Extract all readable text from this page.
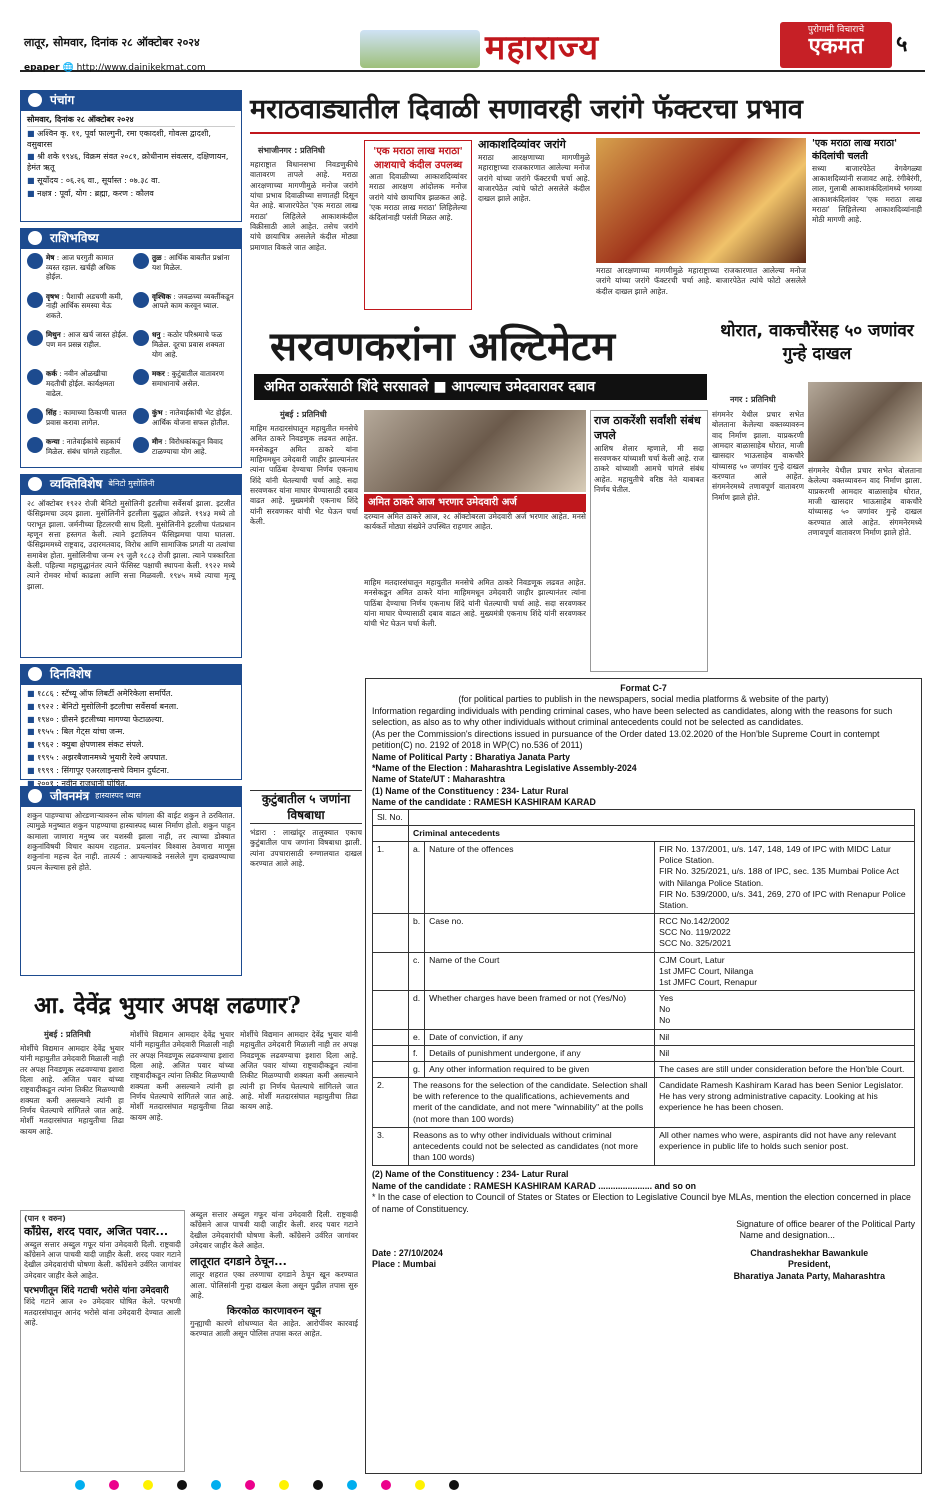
लातूर, सोमवार, दिनांक २८ ऑक्टोबर २०२४
epaper 🌐 http://www.dainikekmat.com	महाराज्य	पुरोगामी विचाराचे
एकमत	५
पंचांग

सोमवार, दिनांक २८ ऑक्टोबर २०२४

■ अश्विन कृ. ११, पूर्वा फाल्गुनी, रमा एकादशी, गोवत्स द्वादशी, वसुबारस
■ श्री शके १९४६, विक्रम संवत २०८१, क्रोधीनाम संवत्सर, दक्षिणायन, हेमंत ऋतू
■ सूर्योदय : ०६.२६ वा., सूर्यास्त : ०७.३८ वा.
■ नक्षत्र : पूर्वा, योग : ब्रह्मा, करण : कौलव
राशिभविष्य
मेष : आज घरगुती कामात व्यस्त रहाल. खर्चही अधिक होईल.
तुळ : आर्थिक बाबतीत प्रश्नांना यश मिळेल.
वृषभ : पैशाची अडचणी कमी, नाही आर्थिक समस्या येऊ शकते.
वृश्चिक : जवळच्या व्यक्तींकडून आपले काम करवून घ्याल.
मिथुन : आज खर्च जास्त होईल. पण मन प्रसन्न राहील.
धनु : कठोर परिश्रमाचे फळ मिळेल. दूरचा प्रवास शक्यता योग आहे.
कर्क : नवीन ओळखीचा मदतीची होईल. कार्यक्षमता वाढेल.
मकर : कुटुंबातील वातावरण समाधानाचे असेल.
सिंह : कामाच्या ठिकाणी चालत प्रवास करावा लागेल.
कुंभ : नातेवाईकांची भेट होईल. आर्थिक योजना सफल होतील.
कन्या : नातेवाईकांचे सहकार्य मिळेल. संबंध चांगले राहतील.
मीन : विरोधकांकडून विवाद टाळण्याचा योग आहे.
व्यक्तिविशेष बेनिटो मुसोलिनी
२८ ऑक्टोबर १९२२ रोजी बेनिटो मुसोलिनी इटलीचा सर्वेसर्वा झाला. इटलीत फॅसिझमचा उदय झाला. मुसोलिनीने इटलीला युद्धात ओढले. १९४३ मध्ये तो पराभूत झाला. जर्मनीच्या हिटलरची साथ दिली. मुसोलिनीने इटलीचा पंतप्रधान म्हणून सत्ता हस्तगत केली. त्याने इटालियन फॅसिझमचा पाया घातला. फॅसिझममध्ये राष्ट्रवाद, उदारमतवाद, विरोध आणि सामाजिक प्रगती या तत्वांचा समावेश होता. मुसोलिनीचा जन्म २९ जुलै १८८३ रोजी झाला. त्याने पत्रकारिता केली. पहिल्या महायुद्धानंतर त्याने फॅसिस्ट पक्षाची स्थापना केली. १९२२ मध्ये त्याने रोमवर मोर्चा काढला आणि सत्ता मिळवली. १९४५ मध्ये त्याचा मृत्यू झाला.
दिनविशेष
■ १८८६ : स्टॅच्यू ऑफ लिबर्टी अमेरिकेला समर्पित.
■ १९२२ : बेनिटो मुसोलिनी इटलीचा सर्वेसर्वा बनला.
■ १९४० : ग्रीसने इटलीच्या मागण्या फेटाळल्या.
■ १९५५ : बिल गेट्स यांचा जन्म.
■ १९६२ : क्युबा क्षेपणास्त्र संकट संपले.
■ १९९५ : अझरबैजानमध्ये भुयारी रेल्वे अपघात.
■ १९९९ : सिंगापूर एअरलाइन्सचे विमान दुर्घटना.
■ २००१ : नवीन राजधानी घोषित.
जीवनमंत्र हास्यास्पद ध्यास
शकुन पाहण्याचा ओरडणाऱ्यावरुन लोक चांगला की वाईट शकुन ते ठरवितात. त्यामुळे मनुष्यात शकुन पाहण्याचा हास्यास्पद ध्यास निर्माण होतो. शकुन पाहून कामाला जाणारा मनुष्य जर यशस्वी झाला नाही, तर त्याच्या डोक्यात शकुनांविषयी विचार कायम राहतात. प्रयत्नांवर विश्वास ठेवणारा माणूस शकुनांना महत्त्व देत नाही. तात्पर्य : आपल्याकडे नसलेले गुण दाखवण्याचा प्रयत्न केल्यास हसे होते.
मराठवाड्यातील दिवाळी सणावरही जरांगे फॅक्टरचा प्रभाव
संभाजीनगर : प्रतिनिधी
महाराष्ट्रात विधानसभा निवडणुकीचे वातावरण तापले आहे. मराठा आरक्षणाच्या मागणीमुळे मनोज जरांगे यांचा प्रभाव दिवाळीच्या सणातही दिसून येत आहे. बाजारपेठेत 'एक मराठा लाख मराठा' लिहिलेले आकाशकंदील विक्रीसाठी आले आहेत. तसेच जरांगे यांचे छायाचित्र असलेले कंदील मोठ्या प्रमाणात विकले जात आहेत.
'एक मराठा लाख मराठा' आशयाचे कंदील उपलब्ध
आता दिवाळीच्या आकाशदिव्यांवर मराठा आरक्षण आंदोलक मनोज जरांगे यांचे छायाचित्र झळकत आहे. 'एक मराठा लाख मराठा' लिहिलेल्या कंदिलांनाही पसंती मिळत आहे.
आकाशदिव्यांवर जरांगे
मराठा आरक्षणाच्या मागणीमुळे महाराष्ट्राच्या राजकारणात आलेल्या मनोज जरांगे यांच्या जरांगे फॅक्टरची चर्चा आहे. बाजारपेठेत त्यांचे फोटो असलेले कंदील दाखल झाले आहेत.
मराठा आरक्षणाच्या मागणीमुळे महाराष्ट्राच्या राजकारणात आलेल्या मनोज जरांगे यांच्या जरांगे फॅक्टरची चर्चा आहे. बाजारपेठेत त्यांचे फोटो असलेले कंदील दाखल झाले आहेत.
'एक मराठा लाख मराठा' कंदिलांची चलती
सध्या बाजारपेठेत वेगवेगळ्या आकाशदिव्यांनी सजावट आहे. रंगीबेरंगी, लाल, गुलाबी आकाशकंदिलांमध्ये भगव्या आकाशकंदिलांवर 'एक मराठा लाख मराठा' लिहिलेल्या आकाशदिव्यांनाही मोठी मागणी आहे.
सरवणकरांना अल्टिमेटम
अमित ठाकरेंसाठी शिंदे सरसावले ■ आपल्याच उमेदवारावर दबाव
मुंबई : प्रतिनिधी
माहिम मतदारसंघातून महायुतीत मनसेचे अमित ठाकरे निवडणूक लढवत आहेत. मनसेकडून अमित ठाकरे यांना माहिममधून उमेदवारी जाहीर झाल्यानंतर त्यांना पाठिंबा देण्याचा निर्णय एकनाथ शिंदे यांनी घेतल्याची चर्चा आहे. सदा सरवणकर यांना माघार घेण्यासाठी दबाव वाढत आहे. मुख्यमंत्री एकनाथ शिंदे यांनी सरवणकर यांची भेट घेऊन चर्चा केली.
अमित ठाकरे आज भरणार उमेदवारी अर्ज
दरम्यान अमित ठाकरे आज, २८ ऑक्टोबरला उमेदवारी अर्ज भरणार आहेत. मनसे कार्यकर्ते मोठ्या संख्येने उपस्थित राहणार आहेत.
माहिम मतदारसंघातून महायुतीत मनसेचे अमित ठाकरे निवडणूक लढवत आहेत. मनसेकडून अमित ठाकरे यांना माहिममधून उमेदवारी जाहीर झाल्यानंतर त्यांना पाठिंबा देण्याचा निर्णय एकनाथ शिंदे यांनी घेतल्याची चर्चा आहे. सदा सरवणकर यांना माघार घेण्यासाठी दबाव वाढत आहे. मुख्यमंत्री एकनाथ शिंदे यांनी सरवणकर यांची भेट घेऊन चर्चा केली.
राज ठाकरेंशी सर्वांशी संबंध जपले
आशिष शेलार म्हणाले, मी सदा सरवणकर यांच्याशी चर्चा केली आहे. राज ठाकरे यांच्याशी आमचे चांगले संबंध आहेत. महायुतीचे वरिष्ठ नेते याबाबत निर्णय घेतील.
कुटुंबातील ५ जणांना विषबाधा
भंडारा : लाखांदूर तालुक्यात एकाच कुटुंबातील पाच जणांना विषबाधा झाली. त्यांना उपचारासाठी रुग्णालयात दाखल करण्यात आले आहे.
थोरात, वाकचौरेंसह ५० जणांवर गुन्हे दाखल
नगर : प्रतिनिधी
संगमनेर येथील प्रचार सभेत बोलताना केलेल्या वक्तव्यावरुन वाद निर्माण झाला. याप्रकरणी आमदार बाळासाहेब थोरात, माजी खासदार भाऊसाहेब वाकचौरे यांच्यासह ५० जणांवर गुन्हे दाखल करण्यात आले आहेत. संगमनेरमध्ये तणावपूर्ण वातावरण निर्माण झाले होते.
संगमनेर येथील प्रचार सभेत बोलताना केलेल्या वक्तव्यावरुन वाद निर्माण झाला. याप्रकरणी आमदार बाळासाहेब थोरात, माजी खासदार भाऊसाहेब वाकचौरे यांच्यासह ५० जणांवर गुन्हे दाखल करण्यात आले आहेत. संगमनेरमध्ये तणावपूर्ण वातावरण निर्माण झाले होते.
आ. देवेंद्र भुयार अपक्ष लढणार?
मुंबई : प्रतिनिधी
मोर्शीचे विद्यमान आमदार देवेंद्र भुयार यांनी महायुतीत उमेदवारी मिळाली नाही तर अपक्ष निवडणूक लढवण्याचा इशारा दिला आहे. अजित पवार यांच्या राष्ट्रवादीकडून त्यांना तिकीट मिळण्याची शक्यता कमी असल्याने त्यांनी हा निर्णय घेतल्याचे सांगितले जात आहे. मोर्शी मतदारसंघात महायुतीचा तिढा कायम आहे.
मोर्शीचे विद्यमान आमदार देवेंद्र भुयार यांनी महायुतीत उमेदवारी मिळाली नाही तर अपक्ष निवडणूक लढवण्याचा इशारा दिला आहे. अजित पवार यांच्या राष्ट्रवादीकडून त्यांना तिकीट मिळण्याची शक्यता कमी असल्याने त्यांनी हा निर्णय घेतल्याचे सांगितले जात आहे. मोर्शी मतदारसंघात महायुतीचा तिढा कायम आहे.
मोर्शीचे विद्यमान आमदार देवेंद्र भुयार यांनी महायुतीत उमेदवारी मिळाली नाही तर अपक्ष निवडणूक लढवण्याचा इशारा दिला आहे. अजित पवार यांच्या राष्ट्रवादीकडून त्यांना तिकीट मिळण्याची शक्यता कमी असल्याने त्यांनी हा निर्णय घेतल्याचे सांगितले जात आहे. मोर्शी मतदारसंघात महायुतीचा तिढा कायम आहे.
(पान १ वरुन)
काँग्रेस, शरद पवार, अजित पवार...
अब्दुल सत्तार अब्दुल गफूर यांना उमेदवारी दिली. राष्ट्रवादी काँग्रेसने आज पाचवी यादी जाहीर केली. शरद पवार गटाने देखील उमेदवारांची घोषणा केली. काँग्रेसने उर्वरित जागांवर उमेदवार जाहीर केले आहेत.
परभणीतून शिंदे गटाची भरोसे यांना उमेदवारी
शिंदे गटाने आज २० उमेदवार घोषित केले. परभणी मतदारसंघातून आनंद भरोसे यांना उमेदवारी देण्यात आली आहे.
अब्दुल सत्तार अब्दुल गफूर यांना उमेदवारी दिली. राष्ट्रवादी काँग्रेसने आज पाचवी यादी जाहीर केली. शरद पवार गटाने देखील उमेदवारांची घोषणा केली. काँग्रेसने उर्वरित जागांवर उमेदवार जाहीर केले आहेत.
लातूरात दगडाने ठेचून...
लातूर शहरात एका तरुणाचा दगडाने ठेचून खून करण्यात आला. पोलिसांनी गुन्हा दाखल केला असून पुढील तपास सुरु आहे.
किरकोळ कारणावरुन खून
गुन्ह्याची कारणे शोधण्यात येत आहेत. आरोपींवर कारवाई करण्यात आली असून पोलिस तपास करत आहेत.
Format C-7
(for political parties to publish in the newspapers, social media platforms & website of the party)
Information regarding individuals with pending criminal cases, who have been selected as candidates, along with the reasons for such selection, as also as to why other individuals without criminal antecedents could not be selected as candidates.
(As per the Commission's directions issued in pursuance of the Order dated 13.02.2020 of the Hon'ble Supreme Court in contempt petition(C) no. 2192 of 2018 in WP(C) no.536 of 2011)
Name of Political Party : Bharatiya Janata Party
*Name of the Election : Maharashtra Legislative Assembly-2024
Name of State/UT : Maharashtra
(1) Name of the Constituency : 234- Latur Rural
Name of the candidate : RAMESH KASHIRAM KARAD
Sl. No.			
	Criminal antecedents		
1.	a.	Nature of the offences	FIR No. 137/2001, u/s. 147, 148, 149 of IPC with MIDC Latur Police Station.
FIR No. 325/2021, u/s. 188 of IPC, sec. 135 Mumbai Police Act with Nilanga Police Station.
FIR No. 539/2000, u/s. 341, 269, 270 of IPC with Renapur Police Station.

	b.	Case no.	RCC No.142/2002
SCC No. 119/2022
SCC No. 325/2021

	c.	Name of the Court	CJM Court, Latur
1st JMFC Court, Nilanga
1st JMFC Court, Renapur

	d.	Whether charges have been framed or not (Yes/No)	Yes
No
No

	e.	Date of conviction, if any	Nil
	f.	Details of punishment undergone, if any	Nil
	g.	Any other information required to be given	The cases are still under consideration before the Hon'ble Court.
2.	The reasons for the selection of the candidate. Selection shall be with reference to the qualifications, achievements and merit of the candidate, and not mere "winnability" at the polls (not more than 100 words)		Candidate Ramesh Kashiram Karad has been Senior Legislator. He has very strong administrative capacity. Looking at his experience he has been chosen.
3.	Reasons as to why other individuals without criminal antecedents could not be selected as candidates (not more than 100 words)		All other names who were, aspirants did not have any relevant experience in public life to holds such senior post.
(2) Name of the Constituency : 234- Latur Rural
Name of the candidate : RAMESH KASHIRAM KARAD ...................... and so on
* In the case of election to Council of States or States or Election to Legislative Council bye MLAs, mention the election concerned in place of name of Constituency.
Signature of office bearer of the Political Party
Name and designation...
Date : 27/10/2024
Place : Mumbai
Chandrashekhar Bawankule
President,
Bharatiya Janata Party, Maharashtra
